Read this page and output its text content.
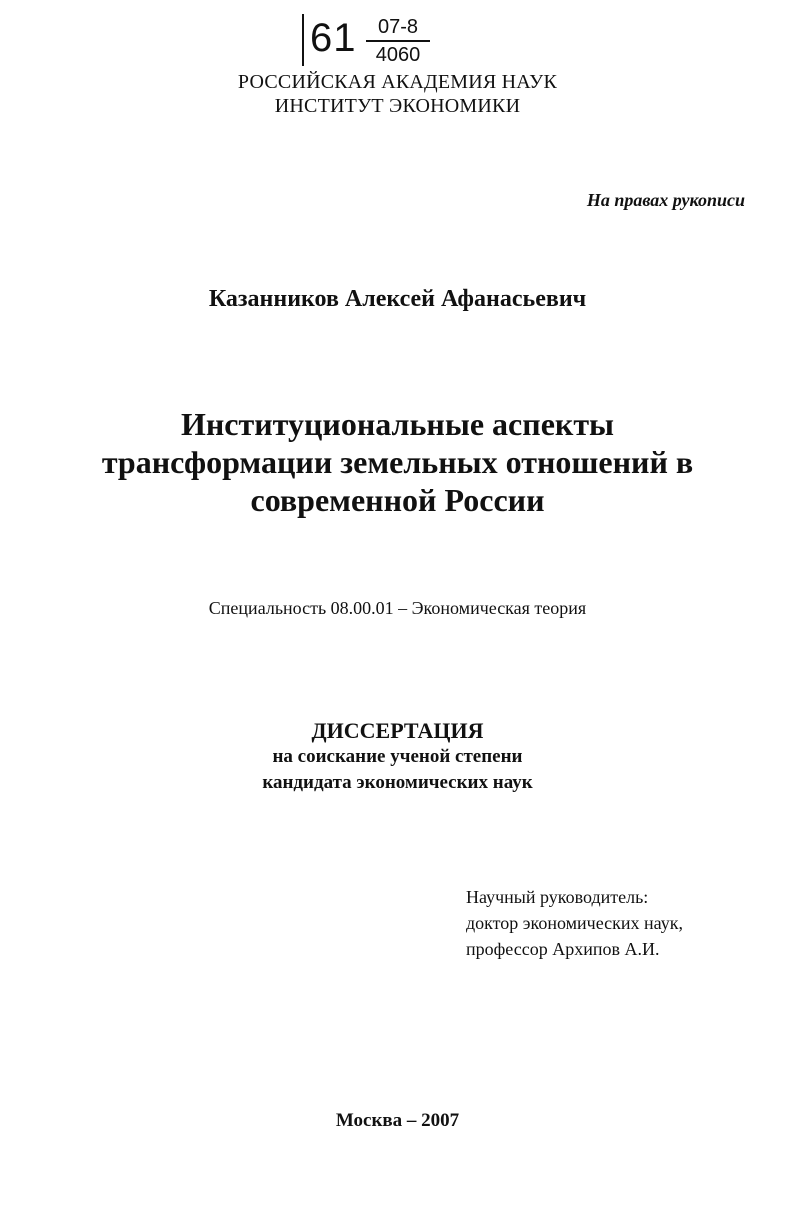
61	07-8
4060
РОССИЙСКАЯ АКАДЕМИЯ НАУК
ИНСТИТУТ ЭКОНОМИКИ
На правах рукописи
Казанников Алексей Афанасьевич
Институциональные аспекты
трансформации земельных отношений в
современной России
Специальность 08.00.01 – Экономическая теория
ДИССЕРТАЦИЯ
на соискание ученой степени
кандидата экономических наук
Научный руководитель:
доктор экономических наук,
профессор Архипов А.И.
Москва – 2007
